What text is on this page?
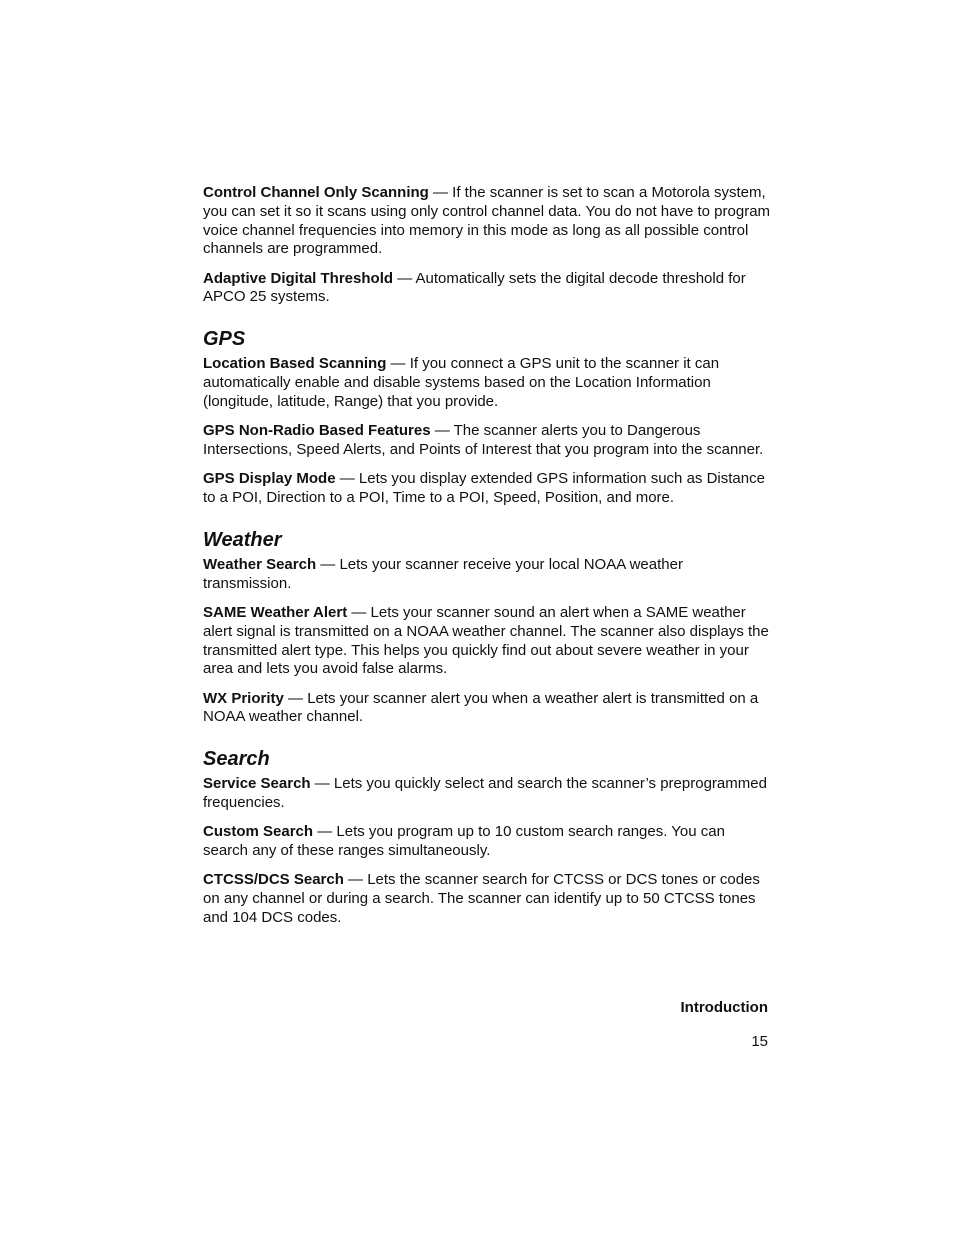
Control Channel Only Scanning — If the scanner is set to scan a Motorola system, you can set it so it scans using only control channel data. You do not have to program voice channel frequencies into memory in this mode as long as all possible control channels are programmed.

Adaptive Digital Threshold — Automatically sets the digital decode threshold for APCO 25 systems.

GPS

Location Based Scanning — If you connect a GPS unit to the scanner it can automatically enable and disable systems based on the Location Information (longitude, latitude, Range) that you provide.

GPS Non-Radio Based Features — The scanner alerts you to Dangerous Intersections, Speed Alerts, and Points of Interest that you program into the scanner.

GPS Display Mode — Lets you display extended GPS information such as Distance to a POI, Direction to a POI, Time to a POI, Speed, Position, and more.

Weather

Weather Search — Lets your scanner receive your local NOAA weather transmission.

SAME Weather Alert — Lets your scanner sound an alert when a SAME weather alert signal is transmitted on a NOAA weather channel. The scanner also displays the transmitted alert type. This helps you quickly find out about severe weather in your area and lets you avoid false alarms.

WX Priority — Lets your scanner alert you when a weather alert is transmitted on a NOAA weather channel.

Search

Service Search — Lets you quickly select and search the scanner’s preprogrammed frequencies.

Custom Search — Lets you program up to 10 custom search ranges. You can search any of these ranges simultaneously.

CTCSS/DCS Search — Lets the scanner search for CTCSS or DCS tones or codes on any channel or during a search. The scanner can identify up to 50 CTCSS tones and 104 DCS codes.

Introduction
15
